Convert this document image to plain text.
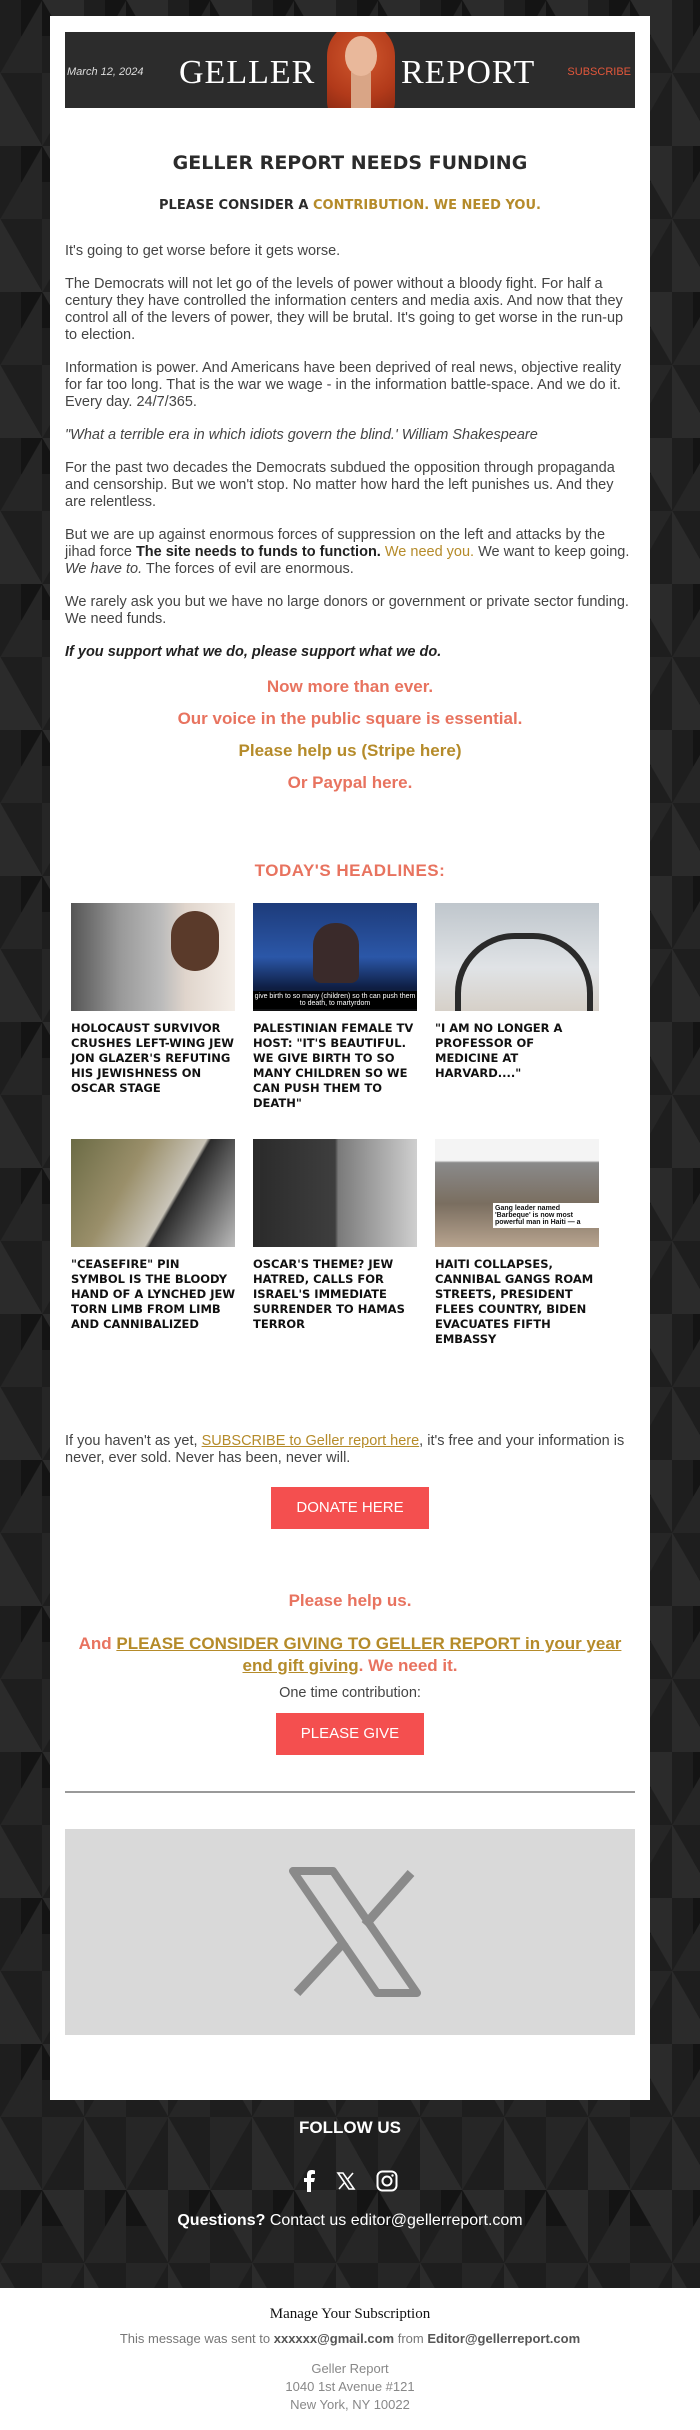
March 12, 2024 GELLER	REPORT	SUBSCRIBE
GELLER REPORT NEEDS FUNDING
PLEASE CONSIDER A CONTRIBUTION. WE NEED YOU.

It's going to get worse before it gets worse.

The Democrats will not let go of the levels of power without a bloody fight. For half a century they have controlled the information centers and media axis. And now that they control all of the levers of power, they will be brutal. It's going to get worse in the run-up to election.

Information is power. And Americans have been deprived of real news, objective reality for far too long. That is the war we wage - in the information battle-space. And we do it. Every day. 24/7/365.

"What a terrible era in which idiots govern the blind.' William Shakespeare

For the past two decades the Democrats subdued the opposition through propaganda and censorship. But we won't stop. No matter how hard the left punishes us. And they are relentless.

But we are up against enormous forces of suppression on the left and attacks by the jihad force The site needs to funds to function. We need you. We want to keep going. We have to. The forces of evil are enormous.

We rarely ask you but we have no large donors or government or private sector funding. We need funds.

If you support what we do, please support what we do.

Now more than ever.
Our voice in the public square is essential.
Please help us (Stripe here)
Or Paypal here.
TODAY'S HEADLINES:
HOLOCAUST SURVIVOR CRUSHES LEFT-WING JEW JON GLAZER'S REFUTING HIS JEWISHNESS ON OSCAR STAGE
give birth to so many (children) so th can push them to death, to martyrdom
PALESTINIAN FEMALE TV HOST: "IT'S BEAUTIFUL. WE GIVE BIRTH TO SO MANY CHILDREN SO WE CAN PUSH THEM TO DEATH"
"I AM NO LONGER A PROFESSOR OF MEDICINE AT HARVARD...."
"CEASEFIRE" PIN SYMBOL IS THE BLOODY HAND OF A LYNCHED JEW TORN LIMB FROM LIMB AND CANNIBALIZED
OSCAR'S THEME? JEW HATRED, CALLS FOR ISRAEL'S IMMEDIATE SURRENDER TO HAMAS TERROR
Gang leader named 'Barbeque' is now most powerful man in Haiti — a
HAITI COLLAPSES, CANNIBAL GANGS ROAM STREETS, PRESIDENT FLEES COUNTRY, BIDEN EVACUATES FIFTH EMBASSY
If you haven't as yet, SUBSCRIBE to Geller report here, it's free and your information is never, ever sold. Never has been, never will.
DONATE HERE
Please help us.
And PLEASE CONSIDER GIVING TO GELLER REPORT in your year end gift giving. We need it.
One time contribution:
PLEASE GIVE
FOLLOW US

Questions? Contact us editor@gellerreport.com
Manage Your Subscription
This message was sent to xxxxxx@gmail.com from Editor@gellerreport.com
Geller Report
1040 1st Avenue #121
New York, NY 10022
